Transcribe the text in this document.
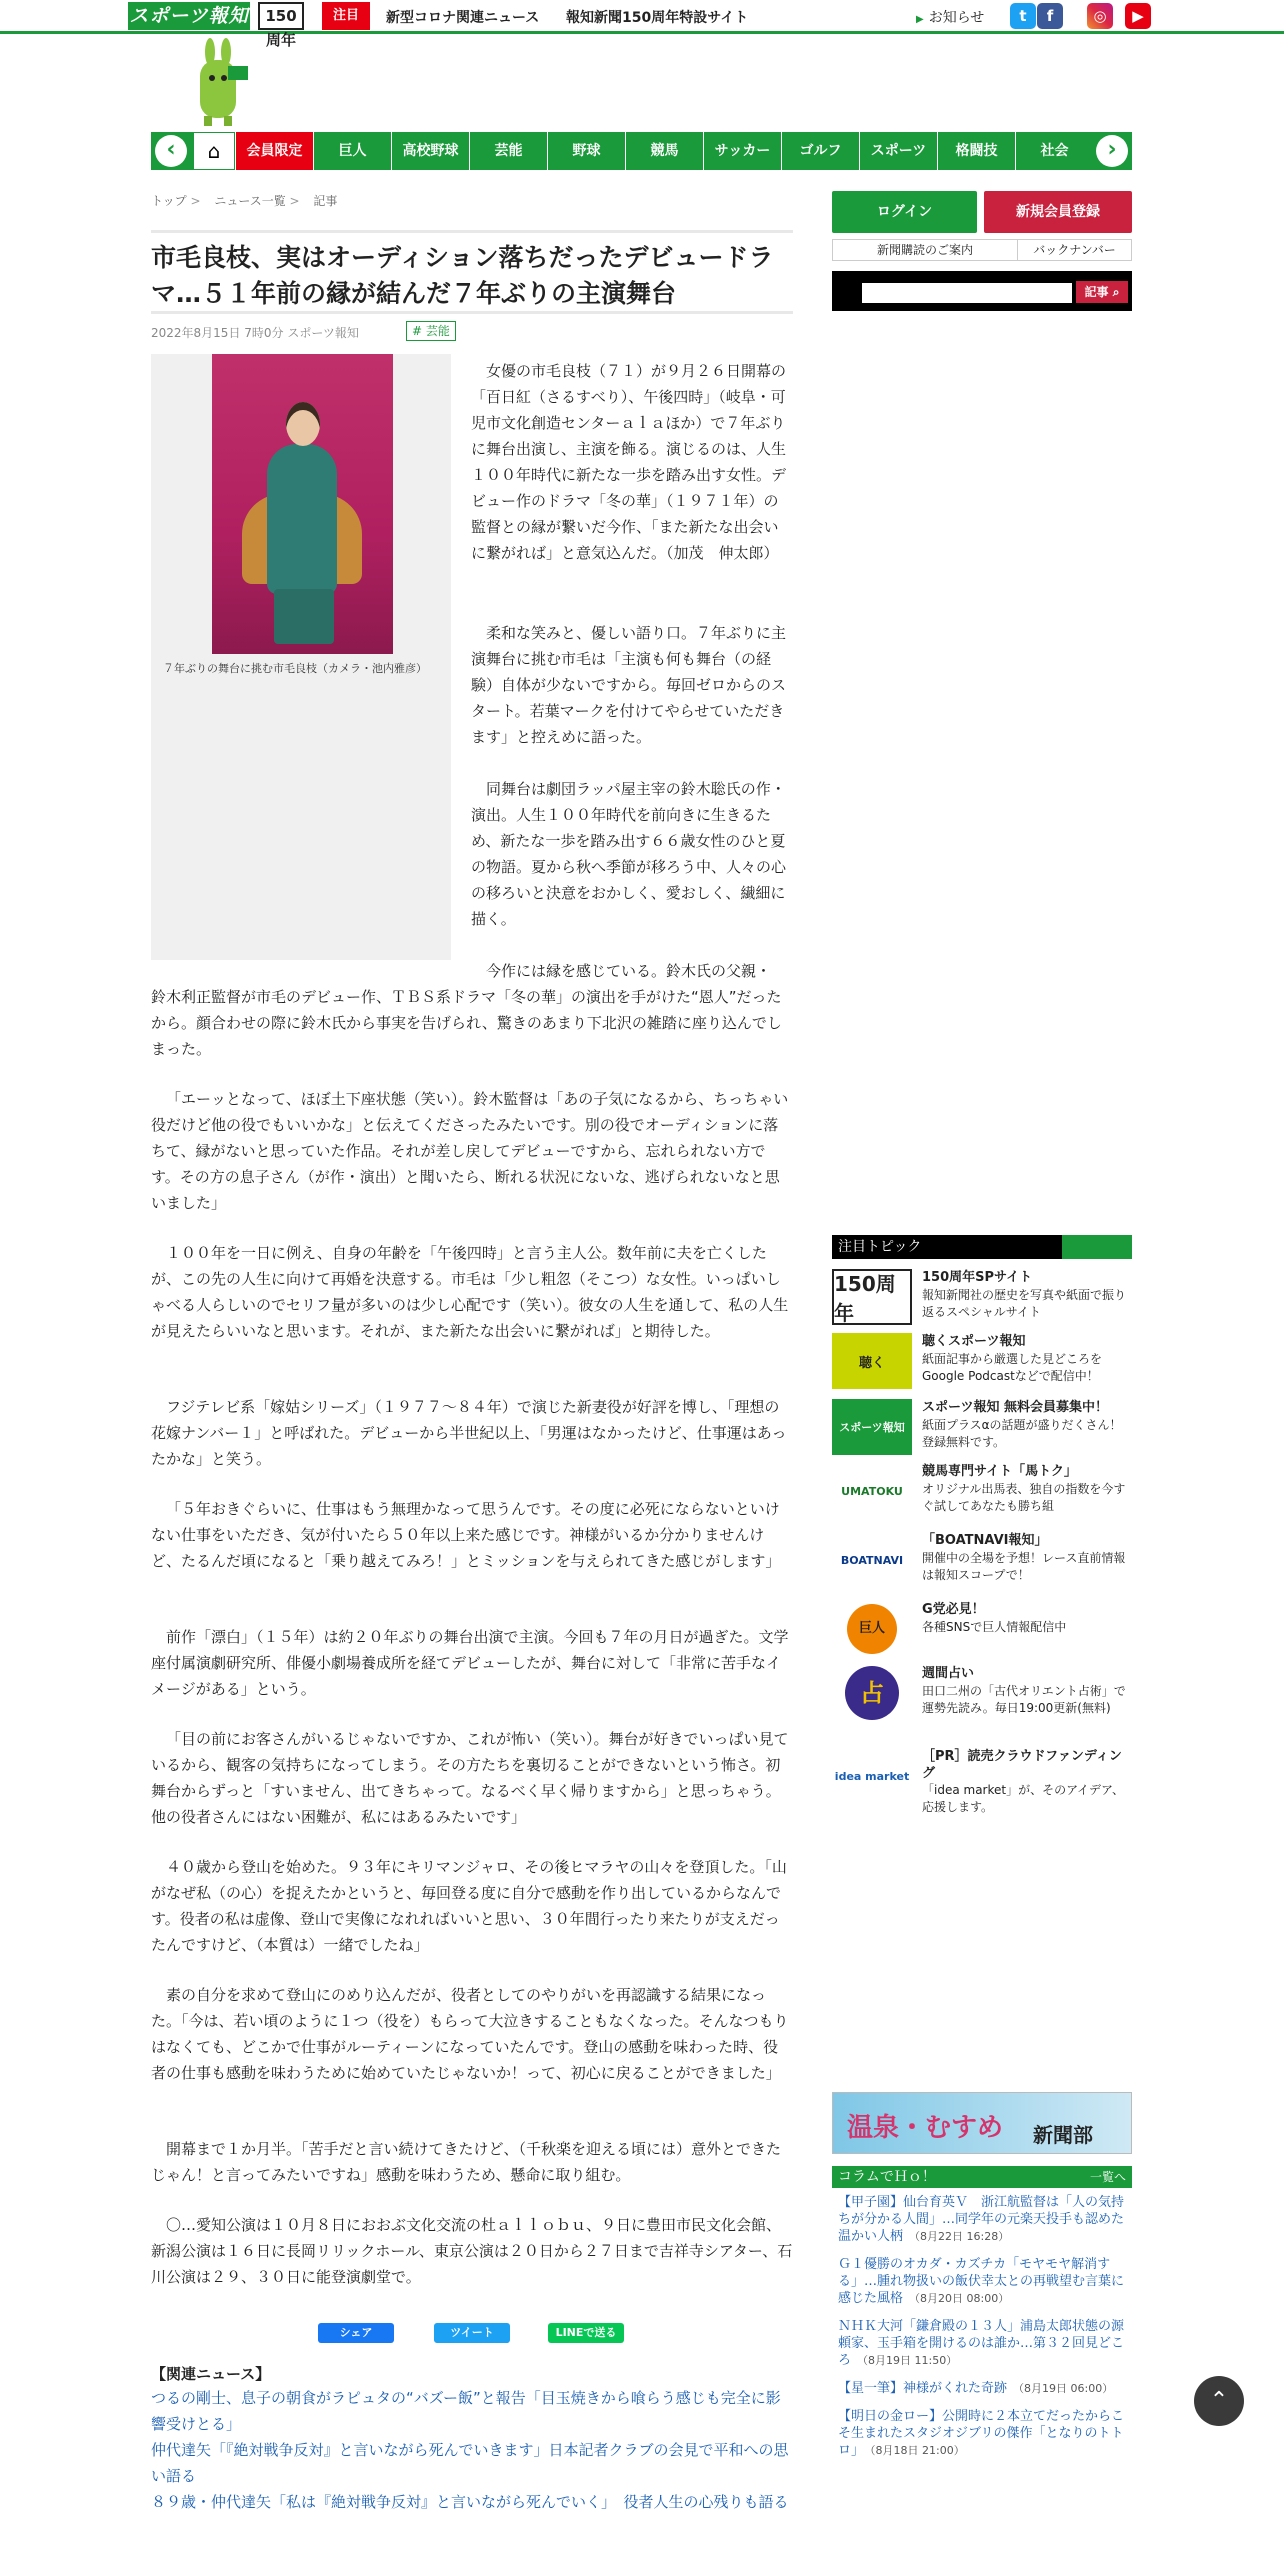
スポーツ報知	150周年
注目	新型コロナ関連ニュース 報知新聞150周年特設サイト
▶	お知らせ	t	f	◎	▶
‹	⌂	会員限定	巨人	高校野球	芸能	野球	競馬	サッカー	ゴルフ	スポーツ	格闘技	社会	›
トップ > ニュース一覧 > 記事
市毛良枝、実はオーディション落ちだったデビュードラマ…５１年前の縁が結んだ７年ぶりの主演舞台
2022年8月15日 7時0分 スポーツ報知	# 芸能
７年ぶりの舞台に挑む市毛良枝（カメラ・池内雅彦）

女優の市毛良枝（７１）が９月２６日開幕の「百日紅（さるすべり）、午後四時」（岐阜・可児市文化創造センターａｌａほか）で７年ぶりに舞台出演し、主演を飾る。演じるのは、人生１００年時代に新たな一歩を踏み出す女性。デビュー作のドラマ「冬の華」（１９７１年）の監督との縁が繋いだ今作、「また新たな出会いに繋がれば」と意気込んだ。（加茂　伸太郎）

柔和な笑みと、優しい語り口。７年ぶりに主演舞台に挑む市毛は「主演も何も舞台（の経験）自体が少ないですから。毎回ゼロからのスタート。若葉マークを付けてやらせていただきます」と控えめに語った。

同舞台は劇団ラッパ屋主宰の鈴木聡氏の作・演出。人生１００年時代を前向きに生きるため、新たな一歩を踏み出す６６歳女性のひと夏の物語。夏から秋へ季節が移ろう中、人々の心の移ろいと決意をおかしく、愛おしく、繊細に描く。

今作には縁を感じている。鈴木氏の父親・

鈴木利正監督が市毛のデビュー作、ＴＢＳ系ドラマ「冬の華」の演出を手がけた“恩人”だったから。顔合わせの際に鈴木氏から事実を告げられ、驚きのあまり下北沢の雑踏に座り込んでしまった。

「エーッとなって、ほぼ土下座状態（笑い）。鈴木監督は「あの子気になるから、ちっちゃい役だけど他の役でもいいかな」と伝えてくださったみたいです。別の役でオーディションに落ちて、縁がないと思っていた作品。それが差し戻してデビューですから、忘れられない方です。その方の息子さん（が作・演出）と聞いたら、断れる状況にないな、逃げられないなと思いました」

１００年を一日に例え、自身の年齢を「午後四時」と言う主人公。数年前に夫を亡くしたが、この先の人生に向けて再婚を決意する。市毛は「少し粗忽（そこつ）な女性。いっぱいしゃべる人らしいのでセリフ量が多いのは少し心配です（笑い）。彼女の人生を通して、私の人生が見えたらいいなと思います。それが、また新たな出会いに繋がれば」と期待した。

フジテレビ系「嫁姑シリーズ」（１９７７～８４年）で演じた新妻役が好評を博し、「理想の花嫁ナンバー１」と呼ばれた。デビューから半世紀以上、「男運はなかったけど、仕事運はあったかな」と笑う。

「５年おきぐらいに、仕事はもう無理かなって思うんです。その度に必死にならないといけない仕事をいただき、気が付いたら５０年以上来た感じです。神様がいるか分かりませんけど、たるんだ頃になると「乗り越えてみろ！」とミッションを与えられてきた感じがします」

前作「漂白」（１５年）は約２０年ぶりの舞台出演で主演。今回も７年の月日が過ぎた。文学座付属演劇研究所、俳優小劇場養成所を経てデビューしたが、舞台に対して「非常に苦手なイメージがある」という。

「目の前にお客さんがいるじゃないですか、これが怖い（笑い）。舞台が好きでいっぱい見ているから、観客の気持ちになってしまう。その方たちを裏切ることができないという怖さ。初舞台からずっと「すいません、出てきちゃって。なるべく早く帰りますから」と思っちゃう。他の役者さんにはない困難が、私にはあるみたいです」

４０歳から登山を始めた。９３年にキリマンジャロ、その後ヒマラヤの山々を登頂した。「山がなぜ私（の心）を捉えたかというと、毎回登る度に自分で感動を作り出しているからなんです。役者の私は虚像、登山で実像になれればいいと思い、３０年間行ったり来たりが支えだったんですけど、（本質は）一緒でしたね」

素の自分を求めて登山にのめり込んだが、役者としてのやりがいを再認識する結果になった。「今は、若い頃のように１つ（役を）もらって大泣きすることもなくなった。そんなつもりはなくても、どこかで仕事がルーティーンになっていたんです。登山の感動を味わった時、役者の仕事も感動を味わうために始めていたじゃないか！って、初心に戻ることができました」

開幕まで１か月半。「苦手だと言い続けてきたけど、（千秋楽を迎える頃には）意外とできたじゃん！と言ってみたいですね」感動を味わうため、懸命に取り組む。

〇…愛知公演は１０月８日におおぶ文化交流の杜ａｌｌｏｂｕ、９日に豊田市民文化会館、新潟公演は１６日に長岡リリックホール、東京公演は２０日から２７日まで吉祥寺シアター、石川公演は２９、３０日に能登演劇堂で。

シェア	ツイート	LINEで送る
【関連ニュース】
つるの剛士、息子の朝食がラピュタの“バズー飯”と報告「目玉焼きから喰らう感じも完全に影響受けとる」
仲代達矢「『絶対戦争反対』と言いながら死んでいきます」日本記者クラブの会見で平和への思い語る
８９歳・仲代達矢「私は『絶対戦争反対』と言いながら死んでいく」　役者人生の心残りも語る
ログイン	新規会員登録
新聞購読のご案内	バックナンバー
記事 ⌕
注目トピック
150周年
150周年SPサイト
報知新聞社の歴史を写真や紙面で振り返るスペシャルサイト
聴く
聴くスポーツ報知
紙面記事から厳選した見どころをGoogle Podcastなどで配信中！
スポーツ報知
スポーツ報知 無料会員募集中！
紙面プラスαの話題が盛りだくさん！登録無料です。
UMATOKU
競馬専門サイト「馬トク」
オリジナル出馬表、独自の指数を今すぐ試してあなたも勝ち組
BOATNAVI
「BOATNAVI報知」
開催中の全場を予想！レース直前情報は報知スコープで！
巨人
G党必見！
各種SNSで巨人情報配信中
占
週間占い
田口二州の「古代オリエント占術」で運勢先読み。毎日19:00更新(無料)
idea market
［PR］読売クラウドファンディング
「idea market」が、そのアイデア、応援します。
温泉・むすめ 新聞部
コラムでＨｏ！	一覧へ
【甲子園】仙台育英Ｖ　浙江航監督は「人の気持ちが分かる人間」…同学年の元楽天投手も認めた温かい人柄 （8月22日 16:28）
Ｇ１優勝のオカダ・カズチカ「モヤモヤ解消する」…腫れ物扱いの飯伏幸太との再戦望む言葉に感じた風格 （8月20日 08:00）
ＮＨＫ大河「鎌倉殿の１３人」浦島太郎状態の源頼家、玉手箱を開けるのは誰か…第３２回見どころ （8月19日 11:50）
【星一筆】神様がくれた奇跡 （8月19日 06:00）
【明日の金ロー】公開時に２本立てだったからこそ生まれたスタジオジブリの傑作「となりのトトロ」 （8月18日 21:00）
⌃
